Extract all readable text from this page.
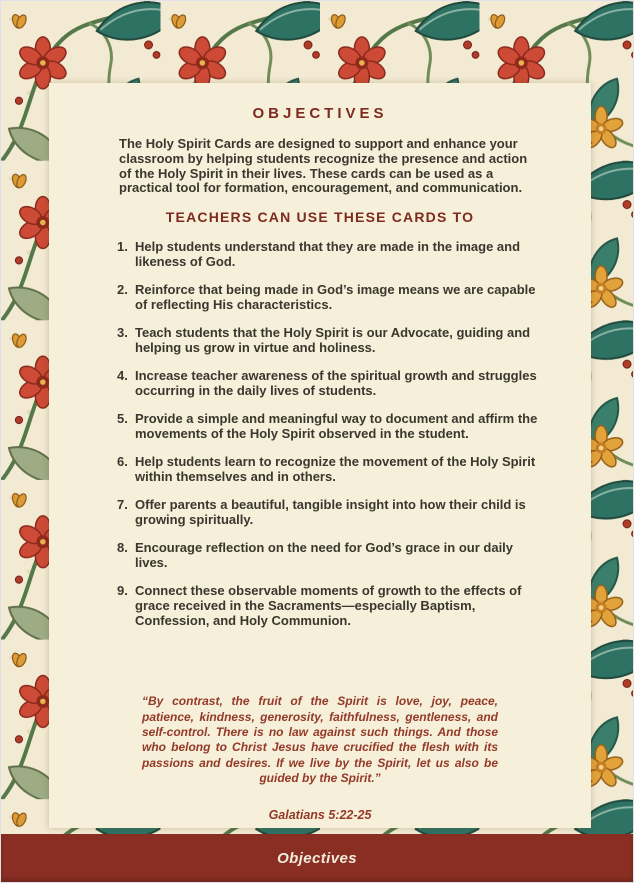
OBJECTIVES

The Holy Spirit Cards are designed to support and enhance your classroom by helping students recognize the presence and action of the Holy Spirit in their lives. These cards can be used as a practical tool for formation, encouragement, and communication.

TEACHERS CAN USE THESE CARDS TO
1. Help students understand that they are made in the image and likeness of God.
2. Reinforce that being made in God’s image means we are capable of reflecting His characteristics.
3. Teach students that the Holy Spirit is our Advocate, guiding and helping us grow in virtue and holiness.
4. Increase teacher awareness of the spiritual growth and struggles occurring in the daily lives of students.
5. Provide a simple and meaningful way to document and affirm the movements of the Holy Spirit observed in the student.
6. Help students learn to recognize the movement of the Holy Spirit within themselves and in others.
7. Offer parents a beautiful, tangible insight into how their child is growing spiritually.
8. Encourage reflection on the need for God’s grace in our daily lives.
9. Connect these observable moments of growth to the effects of grace received in the Sacraments—especially Baptism, Confession, and Holy Communion.
“By contrast, the fruit of the Spirit is love, joy, peace, patience, kindness, generosity, faithfulness, gentleness, and self-control. There is no law against such things. And those who belong to Christ Jesus have crucified the flesh with its passions and desires. If we live by the Spirit, let us also be guided by the Spirit.”

Galatians 5:22-25

Objectives
